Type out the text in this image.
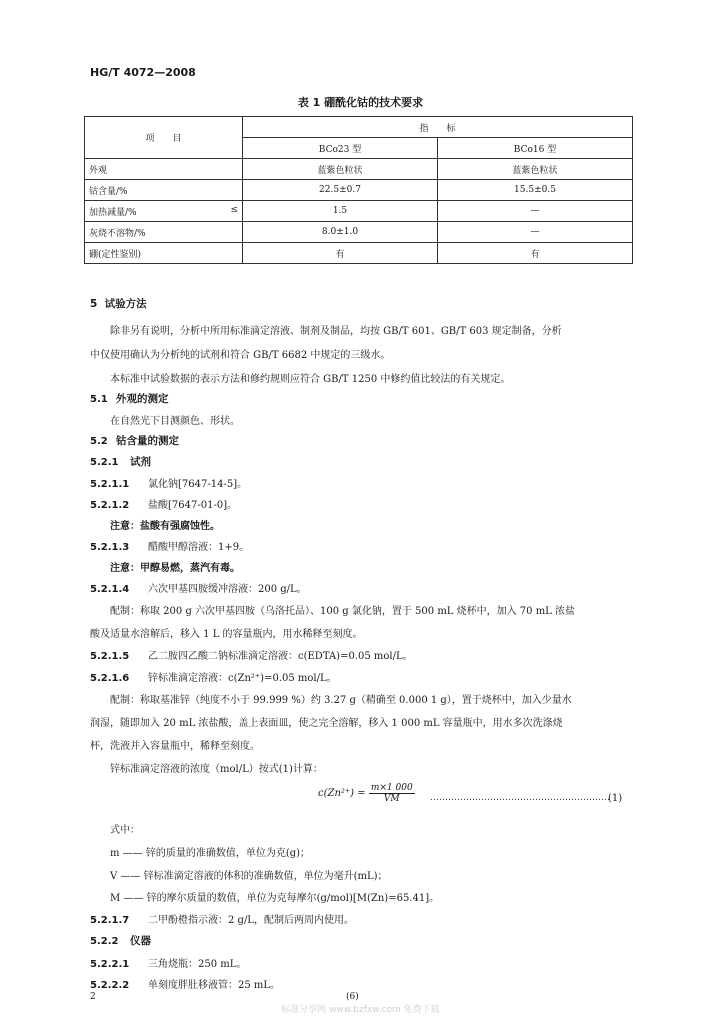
HG/T 4072—2008
表 1 硼酰化钴的技术要求
项　　目	指　　标	
	BCo23 型	BCo16 型
外观	蓝紫色粒状	蓝紫色粒状
钴含量/%	22.5±0.7	15.5±0.5
加热减量/% ≤	1.5	—
灰烧不溶物/%	8.0±1.0	—
硼(定性鉴别)	有	有
5 试验方法
除非另有说明，分析中所用标准滴定溶液、制剂及制品，均按 GB/T 601、GB/T 603 规定制备，分析
中仅使用确认为分析纯的试剂和符合 GB/T 6682 中规定的三级水。
本标准中试验数据的表示方法和修约规则应符合 GB/T 1250 中修约值比较法的有关规定。
5.1 外观的测定
在自然光下目测颜色、形状。
5.2 钴含量的测定
5.2.1 试剂
5.2.1.1 氯化钠[7647-14-5]。
5.2.1.2 盐酸[7647-01-0]。
注意：盐酸有强腐蚀性。
5.2.1.3 醋酸甲醇溶液：1+9。
注意：甲醇易燃，蒸汽有毒。
5.2.1.4 六次甲基四胺缓冲溶液：200 g/L。
配制：称取 200 g 六次甲基四胺（乌洛托品）、100 g 氯化钠，置于 500 mL 烧杯中，加入 70 mL 浓盐
酸及适量水溶解后，移入 1 L 的容量瓶内，用水稀释至刻度。
5.2.1.5 乙二胺四乙酸二钠标准滴定溶液：c(EDTA)=0.05 mol/L。
5.2.1.6 锌标准滴定溶液：c(Zn²⁺)=0.05 mol/L。
配制：称取基准锌（纯度不小于 99.999 %）约 3.27 g（精确至 0.000 1 g），置于烧杯中，加入少量水
润湿，随即加入 20 mL 浓盐酸，盖上表面皿，使之完全溶解，移入 1 000 mL 容量瓶中，用水多次洗涤烧
杯，洗液并入容量瓶中，稀释至刻度。
锌标准滴定溶液的浓度（mol/L）按式(1)计算：
$c(Zn^{2+}) = \frac{m\times 1 000}{VM}$ ……………………………………………………
(1)
式中：
m —— 锌的质量的准确数值，单位为克(g)；
V —— 锌标准滴定溶液的体积的准确数值，单位为毫升(mL)；
M —— 锌的摩尔质量的数值，单位为克每摩尔(g/mol)[M(Zn)=65.41]。
5.2.1.7 二甲酚橙指示液：2 g/L，配制后两周内使用。
5.2.2 仪器
5.2.2.1 三角烧瓶：250 mL。
5.2.2.2 单刻度胖肚移液管：25 mL。
2	(6)
标准分享网 www.bzfxw.com 免费下载
